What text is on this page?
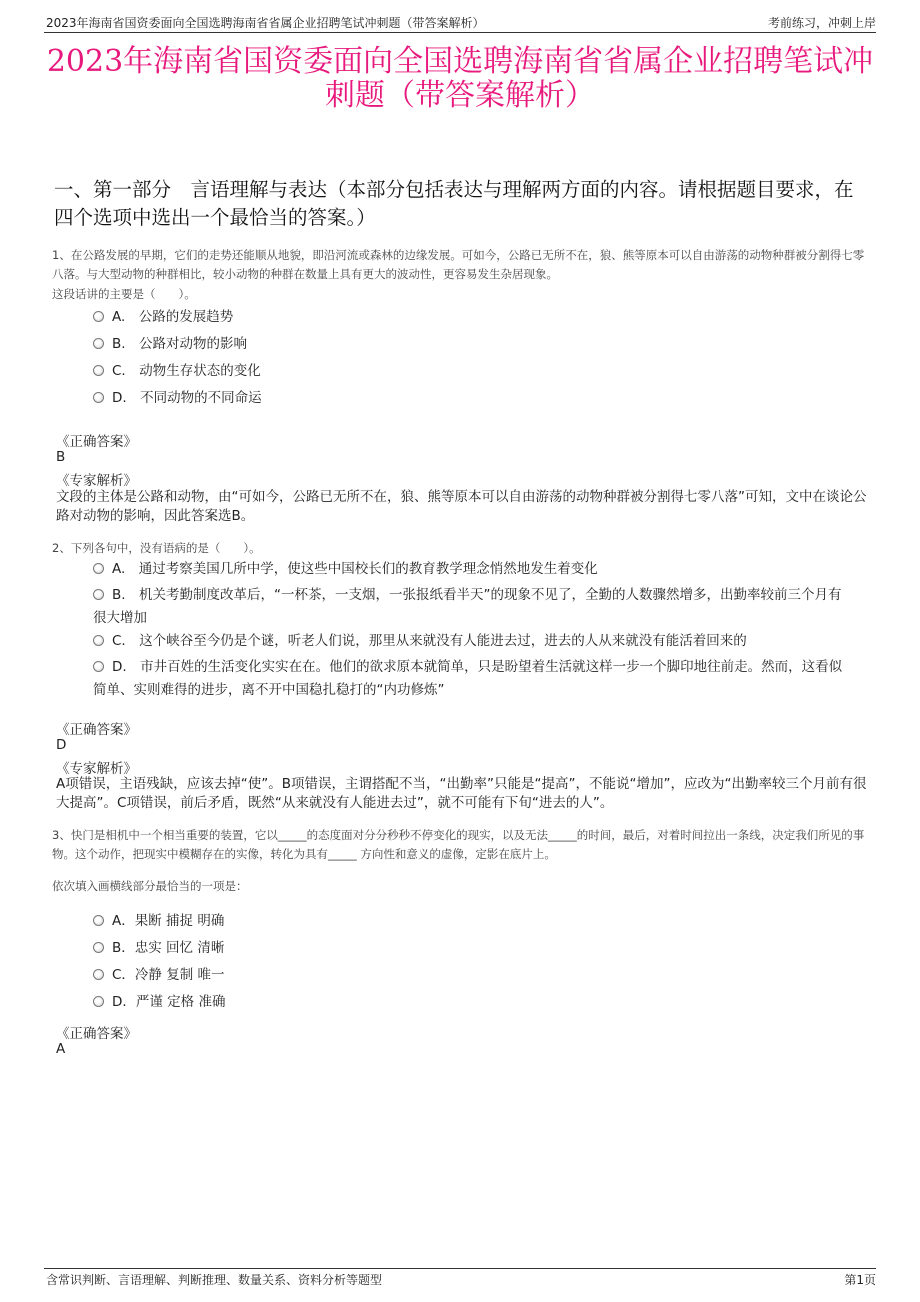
2023年海南省国资委面向全国选聘海南省省属企业招聘笔试冲刺题（带答案解析）	考前练习，冲刺上岸
2023年海南省国资委面向全国选聘海南省省属企业招聘笔试冲刺题（带答案解析）
一、第一部分　言语理解与表达（本部分包括表达与理解两方面的内容。请根据题目要求，在四个选项中选出一个最恰当的答案。）
1、在公路发展的早期，它们的走势还能顺从地貌，即沿河流或森林的边缘发展。可如今，公路已无所不在，狼、熊等原本可以自由游荡的动物种群被分割得七零八落。与大型动物的种群相比，较小动物的种群在数量上具有更大的波动性，更容易发生杂居现象。
这段话讲的主要是（　　）。
A.　公路的发展趋势
B.　公路对动物的影响
C.　动物生存状态的变化
D.　不同动物的不同命运
《正确答案》
B
《专家解析》
文段的主体是公路和动物，由“可如今，公路已无所不在，狼、熊等原本可以自由游荡的动物种群被分割得七零八落”可知，文中在谈论公路对动物的影响，因此答案选B。
2、下列各句中，没有语病的是（　　）。
A.　通过考察美国几所中学，使这些中国校长们的教育教学理念悄然地发生着变化
B.　机关考勤制度改革后，“一杯茶，一支烟，一张报纸看半天”的现象不见了，全勤的人数骤然增多，出勤率较前三个月有很大增加
C.　这个峡谷至今仍是个谜，听老人们说，那里从来就没有人能进去过，进去的人从来就没有能活着回来的
D.　市井百姓的生活变化实实在在。他们的欲求原本就简单，只是盼望着生活就这样一步一个脚印地往前走。然而，这看似简单、实则难得的进步，离不开中国稳扎稳打的“内功修炼”
《正确答案》
D
《专家解析》
A项错误，主语残缺，应该去掉“使”。B项错误，主谓搭配不当，“出勤率”只能是“提高”，不能说“增加”，应改为“出勤率较三个月前有很大提高”。C项错误，前后矛盾，既然“从来就没有人能进去过”，就不可能有下旬“进去的人”。
3、快门是相机中一个相当重要的装置，它以_____的态度面对分分秒秒不停变化的现实，以及无法_____的时间，最后，对着时间拉出一条线，决定我们所见的事物。这个动作，把现实中模糊存在的实像，转化为具有_____ 方向性和意义的虚像，定影在底片上。
依次填入画横线部分最恰当的一项是：
A．果断 捕捉 明确
B．忠实 回忆 清晰
C．冷静 复制 唯一
D．严谨 定格 准确
《正确答案》
A
含常识判断、言语理解、判断推理、数量关系、资料分析等题型	第1页
